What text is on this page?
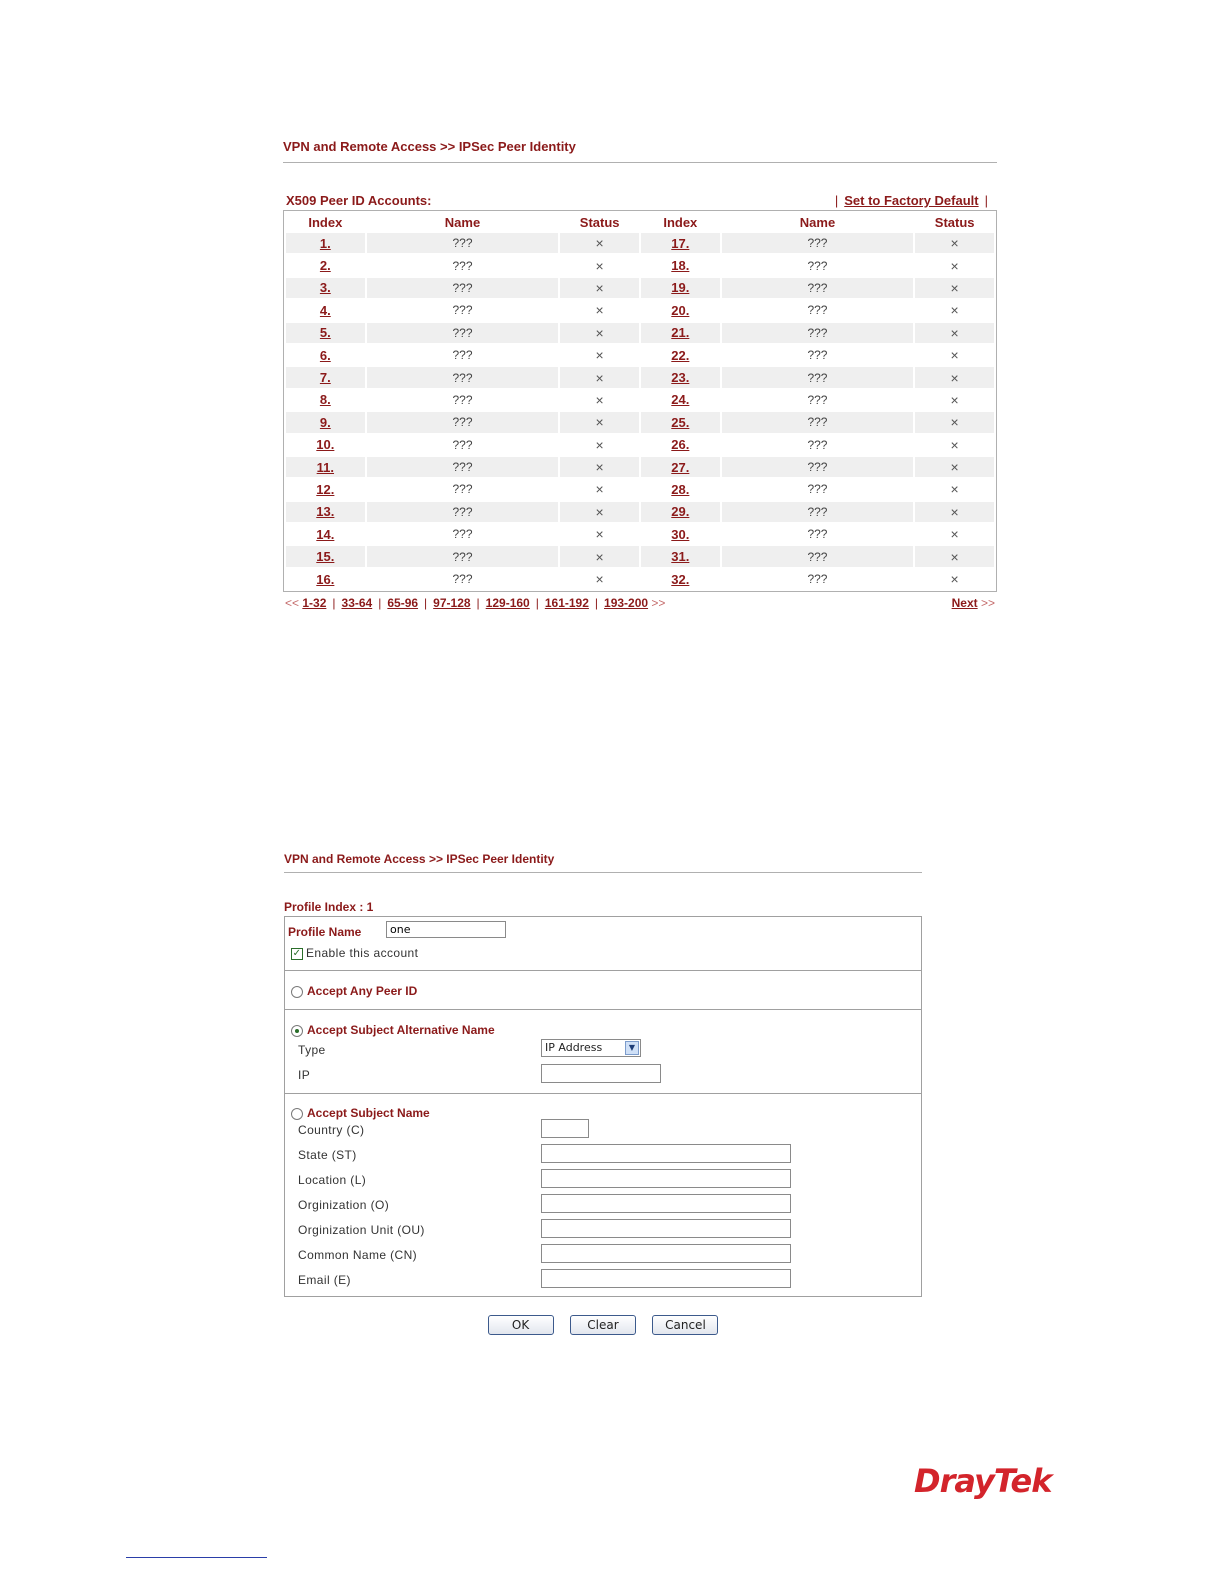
VPN and Remote Access >> IPSec Peer Identity
X509 Peer ID Accounts:	| Set to Factory Default |
Index	Name	Status	Index	Name	Status
1.	???	×	17.	???	×
2.	???	×	18.	???	×
3.	???	×	19.	???	×
4.	???	×	20.	???	×
5.	???	×	21.	???	×
6.	???	×	22.	???	×
7.	???	×	23.	???	×
8.	???	×	24.	???	×
9.	???	×	25.	???	×
10.	???	×	26.	???	×
11.	???	×	27.	???	×
12.	???	×	28.	???	×
13.	???	×	29.	???	×
14.	???	×	30.	???	×
15.	???	×	31.	???	×
16.	???	×	32.	???	×
<< 1-32 | 33-64 | 65-96 | 97-128 | 129-160 | 161-192 | 193-200 >>	Next >>
VPN and Remote Access >> IPSec Peer Identity
Profile Index : 1
Profile Name
one
✓ Enable this account
Accept Any Peer ID
Accept Subject Alternative Name
Type	IP Address	▼
IP
Accept Subject Name
Country (C)
State (ST)
Location (L)
Orginization (O)
Orginization Unit (OU)
Common Name (CN)
Email (E)
OK	Clear	Cancel
DrayTek
